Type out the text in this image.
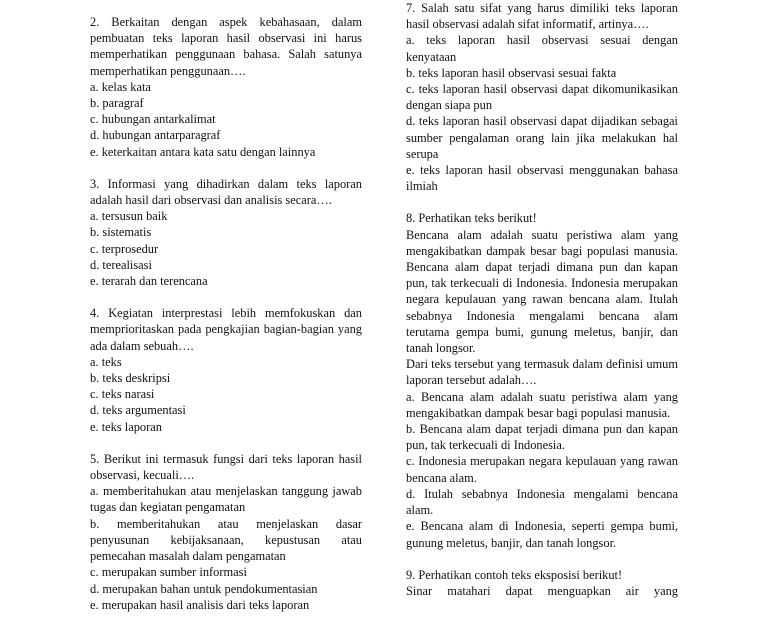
2. Berkaitan dengan aspek kebahasaan, dalam pembuatan teks laporan hasil observasi ini harus memperhatikan penggunaan bahasa. Salah satunya memperhatikan penggunaan….

a. kelas kata

b. paragraf

c. hubungan antarkalimat

d. hubungan antarparagraf

e. keterkaitan antara kata satu dengan lainnya

3. Informasi yang dihadirkan dalam teks laporan adalah hasil dari observasi dan analisis secara….

a. tersusun baik

b. sistematis

c. terprosedur

d. terealisasi

e. terarah dan terencana

4. Kegiatan interprestasi lebih memfokuskan dan memprioritaskan pada pengkajian bagian-bagian yang ada dalam sebuah….

a. teks

b. teks deskripsi

c. teks narasi

d. teks argumentasi

e. teks laporan

5. Berikut ini termasuk fungsi dari teks laporan hasil observasi, kecuali….

a. memberitahukan atau menjelaskan tanggung jawab tugas dan kegiatan pengamatan

b. memberitahukan atau menjelaskan dasar penyusunan kebijaksanaan, kepustusan atau pemecahan masalah dalam pengamatan

c. merupakan sumber informasi

d. merupakan bahan untuk pendokumentasian

e. merupakan hasil analisis dari teks laporan

7. Salah satu sifat yang harus dimiliki teks laporan hasil observasi adalah sifat informatif, artinya….

a. teks laporan hasil observasi sesuai dengan kenyataan

b. teks laporan hasil observasi sesuai fakta

c. teks laporan hasil observasi dapat dikomunikasikan dengan siapa pun

d. teks laporan hasil observasi dapat dijadikan sebagai sumber pengalaman orang lain jika melakukan hal serupa

e. teks laporan hasil observasi menggunakan bahasa ilmiah

8. Perhatikan teks berikut!

Bencana alam adalah suatu peristiwa alam yang mengakibatkan dampak besar bagi populasi manusia. Bencana alam dapat terjadi dimana pun dan kapan pun, tak terkecuali di Indonesia. Indonesia merupakan negara kepulauan yang rawan bencana alam. Itulah sebabnya Indonesia mengalami bencana alam terutama gempa bumi, gunung meletus, banjir, dan tanah longsor.

Dari teks tersebut yang termasuk dalam definisi umum laporan tersebut adalah….

a. Bencana alam adalah suatu peristiwa alam yang mengakibatkan dampak besar bagi populasi manusia.

b. Bencana alam dapat terjadi dimana pun dan kapan pun, tak terkecuali di Indonesia.

c. Indonesia merupakan negara kepulauan yang rawan bencana alam.

d. Itulah sebabnya Indonesia mengalami bencana alam.

e. Bencana alam di Indonesia, seperti gempa bumi, gunung meletus, banjir, dan tanah longsor.

9. Perhatikan contoh teks eksposisi berikut!

Sinar matahari dapat menguapkan air yang
